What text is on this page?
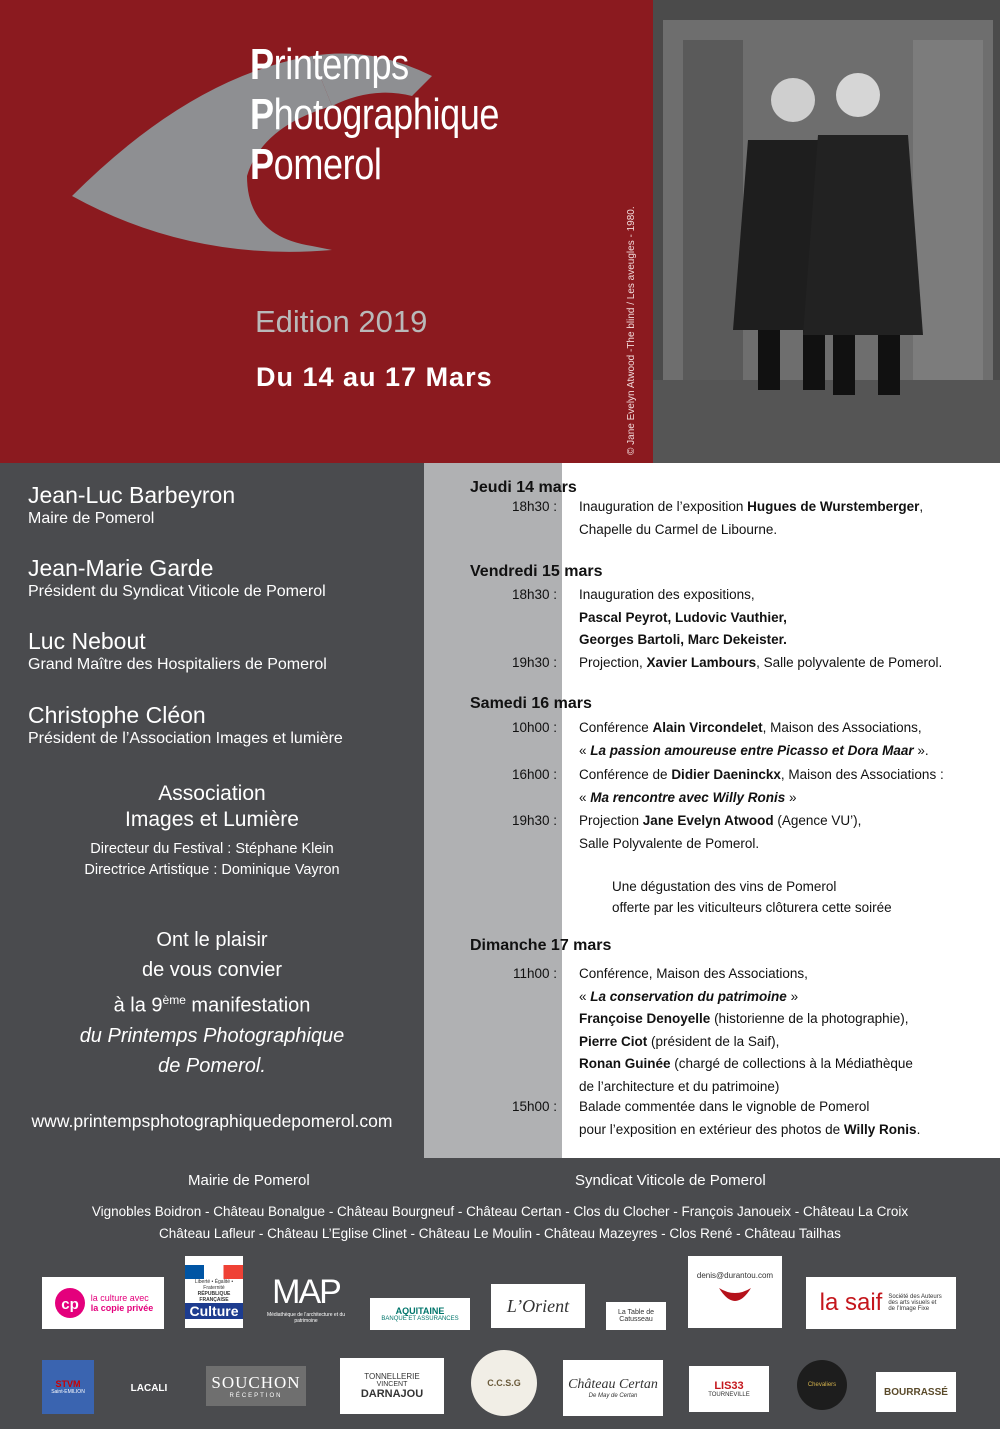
Printemps
Photographique
Pomerol
Edition 2019
Du 14 au 17 Mars	© Jane Evelyn Atwood -The blind / Les aveugles - 1980.
Jean-Luc Barbeyron
Maire de Pomerol
Jean-Marie Garde
Président du Syndicat Viticole de Pomerol
Luc Nebout
Grand Maître des Hospitaliers de Pomerol
Christophe Cléon
Président de l’Association Images et lumière
Association
Images et Lumière
Directeur du Festival : Stéphane Klein
Directrice Artistique : Dominique Vayron
Ont le plaisir
de vous convier
à la 9ème manifestation
du Printemps Photographique
de Pomerol.
www.printempsphotographiquedepomerol.com
Jeudi 14 mars
18h30 : Inauguration de l’exposition Hugues de Wurstemberger,
Chapelle du Carmel de Libourne.
Vendredi 15 mars
18h30 : Inauguration des expositions,
Pascal Peyrot, Ludovic Vauthier,
Georges Bartoli, Marc Dekeister.
19h30 : Projection, Xavier Lambours, Salle polyvalente de Pomerol.
Samedi 16 mars
10h00 : Conférence Alain Vircondelet, Maison des Associations,
« La passion amoureuse entre Picasso et Dora Maar ».
16h00 : Conférence de Didier Daeninckx, Maison des Associations :
« Ma rencontre avec Willy Ronis »
19h30 : Projection Jane Evelyn Atwood (Agence VU’),
Salle Polyvalente de Pomerol.
Une dégustation des vins de Pomerol
offerte par les viticulteurs clôturera cette soirée
Dimanche 17 mars
11h00 : Conférence, Maison des Associations,
« La conservation du patrimoine »
Françoise Denoyelle (historienne de la photographie),
Pierre Ciot (président de la Saif),
Ronan Guinée (chargé de collections à la Médiathèque
de l’architecture et du patrimoine)
15h00 : Balade commentée dans le vignoble de Pomerol
pour l’exposition en extérieur des photos de Willy Ronis.
Mairie de Pomerol	Syndicat Viticole de Pomerol
Vignobles Boidron - Château Bonalgue - Château Bourgneuf - Château Certan - Clos du Clocher - François Janoueix - Château La Croix
Château Lafleur - Château L’Eglise Clinet - Château Le Moulin - Château Mazeyres - Clos René - Château Tailhas
cp la culture avec
la copie privée
Liberté • Égalité • Fraternité
RÉPUBLIQUE FRANÇAISE
Culture
MAP
Médiathèque de l’architecture et du patrimoine
AQUITAINE
BANQUE ET ASSURANCES
L’Orient	La Table de Catusseau
denis@durantou.com
la saif Société des Auteurs des arts visuels et de l’Image Fixe
STVM
Saint-EMILION	LACALI	SOUCHON
RÉCEPTION
TONNELLERIE
VINCENT
DARNAJOU
C.C.S.G	Château Certan
De May de Certan
LIS33
TOURNEVILLE
Chevaliers
BOURRASSÉ
